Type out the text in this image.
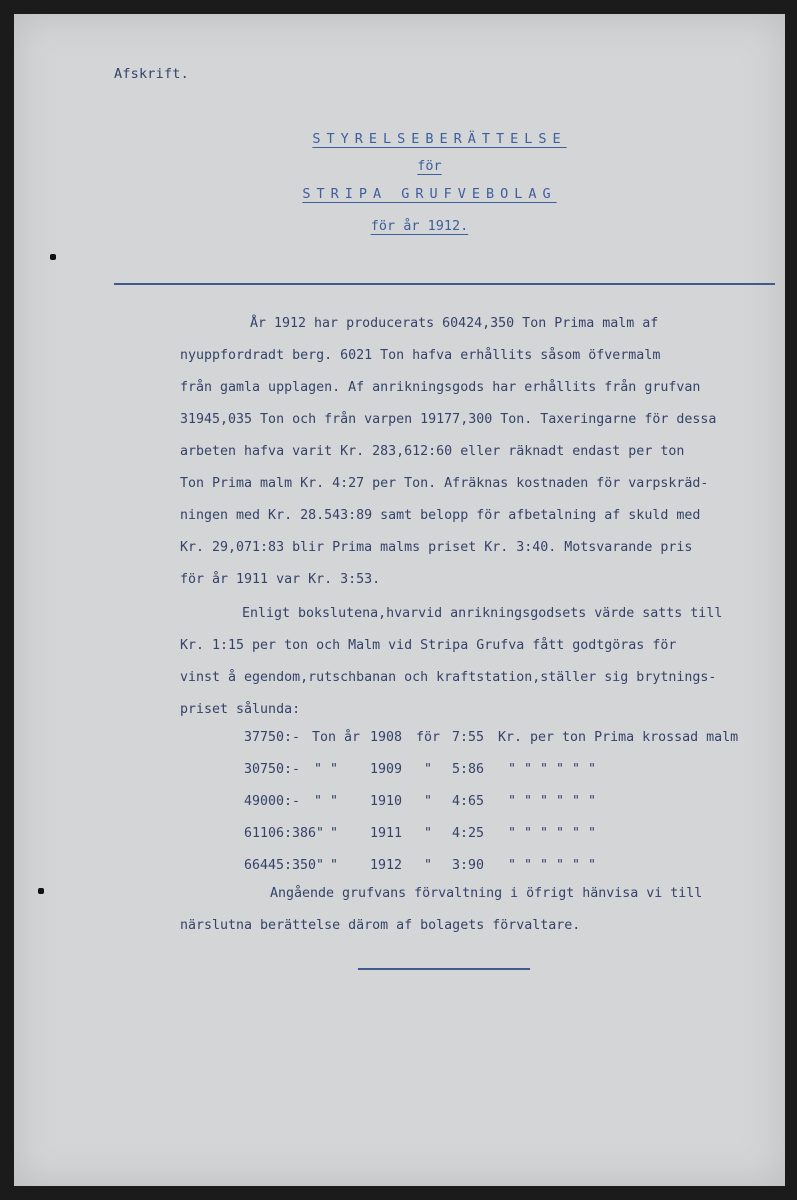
Afskrift.
STYRELSEBERÄTTELSE
för
STRIPA GRUFVEBOLAG
för år 1912.
År 1912 har producerats 60424,350 Ton Prima malm af
nyuppfordradt berg. 6021 Ton hafva erhållits såsom öfvermalm
från gamla upplagen. Af anrikningsgods har erhållits från grufvan
31945,035 Ton och från varpen 19177,300 Ton. Taxeringarne för dessa
arbeten hafva varit Kr. 283,612:60 eller räknadt endast per ton
Ton Prima malm Kr. 4:27 per Ton. Afräknas kostnaden för varpskräd-
ningen med Kr. 28.543:89 samt belopp för afbetalning af skuld med
Kr. 29,071:83 blir Prima malms priset Kr. 3:40. Motsvarande pris
för år 1911 var Kr. 3:53.
Enligt bokslutena,hvarvid anrikningsgodsets värde satts till
Kr. 1:15 per ton och Malm vid Stripa Grufva fått godtgöras för
vinst å egendom,rutschbanan och kraftstation,ställer sig brytnings-
priset sålunda:
37750:- Ton år 1908 för 7:55 Kr. per ton Prima krossad malm
30750:- " " 1909 " 5:86 " " " " " "
49000:- " " 1910 " 4:65 " " " " " "
61106:386" " 1911 " 4:25 " " " " " "
66445:350" " 1912 " 3:90 " " " " " "
Angående grufvans förvaltning i öfrigt hänvisa vi till
närslutna berättelse därom af bolagets förvaltare.
